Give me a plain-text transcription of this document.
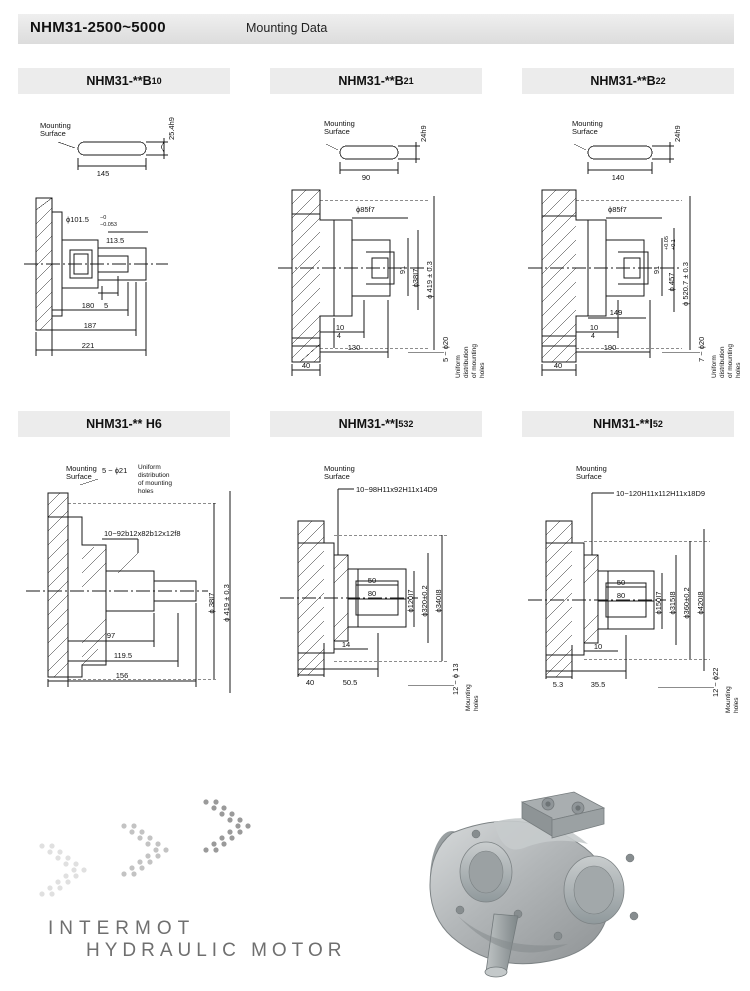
NHM31-2500~5000	Mounting Data
NHM31-**B 10	NHM31-**B 21	NHM31-**B 22
NHM31-** H6	NHM31-**I 532	NHM31-**I 52
Mounting
Surface	25.4h9
145
ϕ101.5 −0
−0.053
113.5
5
180
187
221
Mounting
Surface	24h9
90
ϕ85f7
91 ϕ38I7 ϕ 419 ± 0.3
4
10
130
40
5 − ϕ20
Uniform distribution of mounting holes
Mounting
Surface	24h9
140
ϕ85f7
91
ϕ 457
+0.05 +0.1
ϕ 520.7 ± 0.3
4
149
10
190
40
7 − ϕ20
Uniform distribution of mounting holes
Mounting
Surface
5 − ϕ21 Uniform
distribution
of mounting
holes
10−92b12x82b12x12f8
ϕ 38I7 ϕ 419 ± 0.3
97
119.5
156
Mounting
Surface
10−98H11x92H11x14D9
50
80	ϕ120I7 ϕ320±0.2 ϕ340I8
14
40	50.5	12 − ϕ 13
Mounting holes
Mounting
Surface
10−120H11x112H11x18D9
50
80	ϕ150I7 ϕ315I8 ϕ360±0.2 ϕ420I8
10
5.3	35.5	12 − ϕ22
Mounting holes
INTERMOT
HYDRAULIC MOTOR
